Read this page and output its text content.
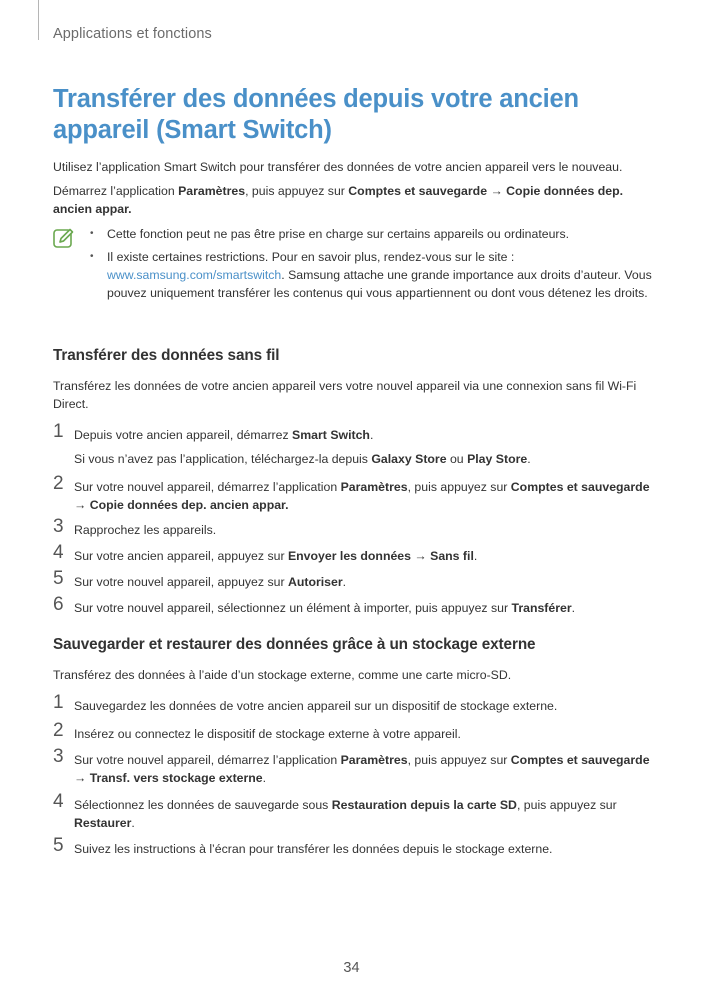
Applications et fonctions
Transférer des données depuis votre ancien appareil (Smart Switch)

Utilisez l’application Smart Switch pour transférer des données de votre ancien appareil vers le nouveau.

Démarrez l’application Paramètres, puis appuyez sur Comptes et sauvegarde → Copie données dep. ancien appar.

• Cette fonction peut ne pas être prise en charge sur certains appareils ou ordinateurs.
• Il existe certaines restrictions. Pour en savoir plus, rendez-vous sur le site : www.samsung.com/smartswitch. Samsung attache une grande importance aux droits d’auteur. Vous pouvez uniquement transférer les contenus qui vous appartiennent ou dont vous détenez les droits.
Transférer des données sans fil

Transférez les données de votre ancien appareil vers votre nouvel appareil via une connexion sans fil Wi-Fi Direct.

1 Depuis votre ancien appareil, démarrez Smart Switch.
Si vous n’avez pas l’application, téléchargez-la depuis Galaxy Store ou Play Store.
2 Sur votre nouvel appareil, démarrez l’application Paramètres, puis appuyez sur Comptes et sauvegarde
→ Copie données dep. ancien appar.
3 Rapprochez les appareils.
4 Sur votre ancien appareil, appuyez sur Envoyer les données → Sans fil.
5 Sur votre nouvel appareil, appuyez sur Autoriser.
6 Sur votre nouvel appareil, sélectionnez un élément à importer, puis appuyez sur Transférer.
Sauvegarder et restaurer des données grâce à un stockage externe

Transférez des données à l’aide d’un stockage externe, comme une carte micro-SD.

1 Sauvegardez les données de votre ancien appareil sur un dispositif de stockage externe.
2 Insérez ou connectez le dispositif de stockage externe à votre appareil.
3 Sur votre nouvel appareil, démarrez l’application Paramètres, puis appuyez sur Comptes et sauvegarde
→ Transf. vers stockage externe.
4 Sélectionnez les données de sauvegarde sous Restauration depuis la carte SD, puis appuyez sur
Restaurer.
5 Suivez les instructions à l’écran pour transférer les données depuis le stockage externe.
34
